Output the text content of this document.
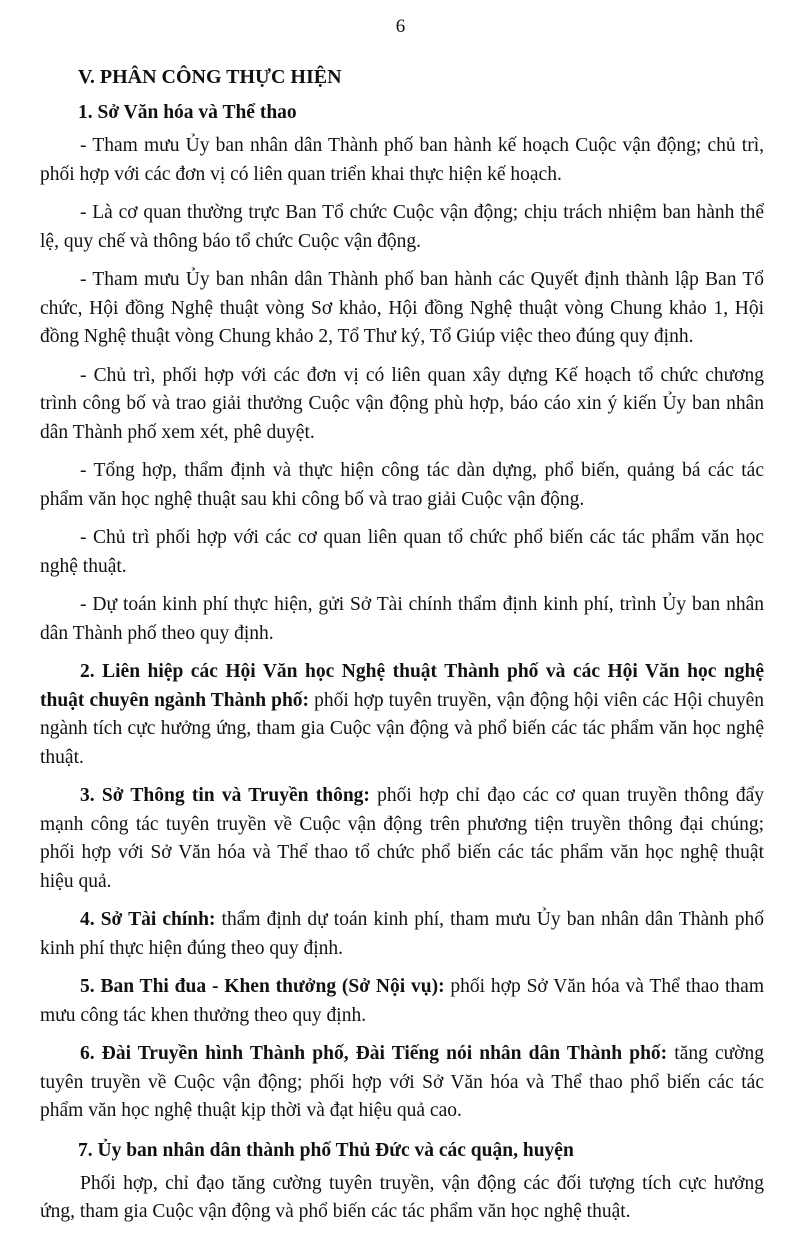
6
V. PHÂN CÔNG THỰC HIỆN
1. Sở Văn hóa và Thể thao

- Tham mưu Ủy ban nhân dân Thành phố ban hành kế hoạch Cuộc vận động; chủ trì, phối hợp với các đơn vị có liên quan triển khai thực hiện kế hoạch.

- Là cơ quan thường trực Ban Tổ chức Cuộc vận động; chịu trách nhiệm ban hành thể lệ, quy chế và thông báo tổ chức Cuộc vận động.

- Tham mưu Ủy ban nhân dân Thành phố ban hành các Quyết định thành lập Ban Tổ chức, Hội đồng Nghệ thuật vòng Sơ khảo, Hội đồng Nghệ thuật vòng Chung khảo 1, Hội đồng Nghệ thuật vòng Chung khảo 2, Tổ Thư ký, Tổ Giúp việc theo đúng quy định.

- Chủ trì, phối hợp với các đơn vị có liên quan xây dựng Kế hoạch tổ chức chương trình công bố và trao giải thưởng Cuộc vận động phù hợp, báo cáo xin ý kiến Ủy ban nhân dân Thành phố xem xét, phê duyệt.

- Tổng hợp, thẩm định và thực hiện công tác dàn dựng, phổ biến, quảng bá các tác phẩm văn học nghệ thuật sau khi công bố và trao giải Cuộc vận động.

- Chủ trì phối hợp với các cơ quan liên quan tổ chức phổ biến các tác phẩm văn học nghệ thuật.

- Dự toán kinh phí thực hiện, gửi Sở Tài chính thẩm định kinh phí, trình Ủy ban nhân dân Thành phố theo quy định.

2. Liên hiệp các Hội Văn học Nghệ thuật Thành phố và các Hội Văn học nghệ thuật chuyên ngành Thành phố: phối hợp tuyên truyền, vận động hội viên các Hội chuyên ngành tích cực hưởng ứng, tham gia Cuộc vận động và phổ biến các tác phẩm văn học nghệ thuật.

3. Sở Thông tin và Truyền thông: phối hợp chỉ đạo các cơ quan truyền thông đẩy mạnh công tác tuyên truyền về Cuộc vận động trên phương tiện truyền thông đại chúng; phối hợp với Sở Văn hóa và Thể thao tổ chức phổ biến các tác phẩm văn học nghệ thuật hiệu quả.

4. Sở Tài chính: thẩm định dự toán kinh phí, tham mưu Ủy ban nhân dân Thành phố kinh phí thực hiện đúng theo quy định.

5. Ban Thi đua - Khen thưởng (Sở Nội vụ): phối hợp Sở Văn hóa và Thể thao tham mưu công tác khen thưởng theo quy định.

6. Đài Truyền hình Thành phố, Đài Tiếng nói nhân dân Thành phố: tăng cường tuyên truyền về Cuộc vận động; phối hợp với Sở Văn hóa và Thể thao phổ biến các tác phẩm văn học nghệ thuật kịp thời và đạt hiệu quả cao.

7. Ủy ban nhân dân thành phố Thủ Đức và các quận, huyện

Phối hợp, chỉ đạo tăng cường tuyên truyền, vận động các đối tượng tích cực hưởng ứng, tham gia Cuộc vận động và phổ biến các tác phẩm văn học nghệ thuật.
